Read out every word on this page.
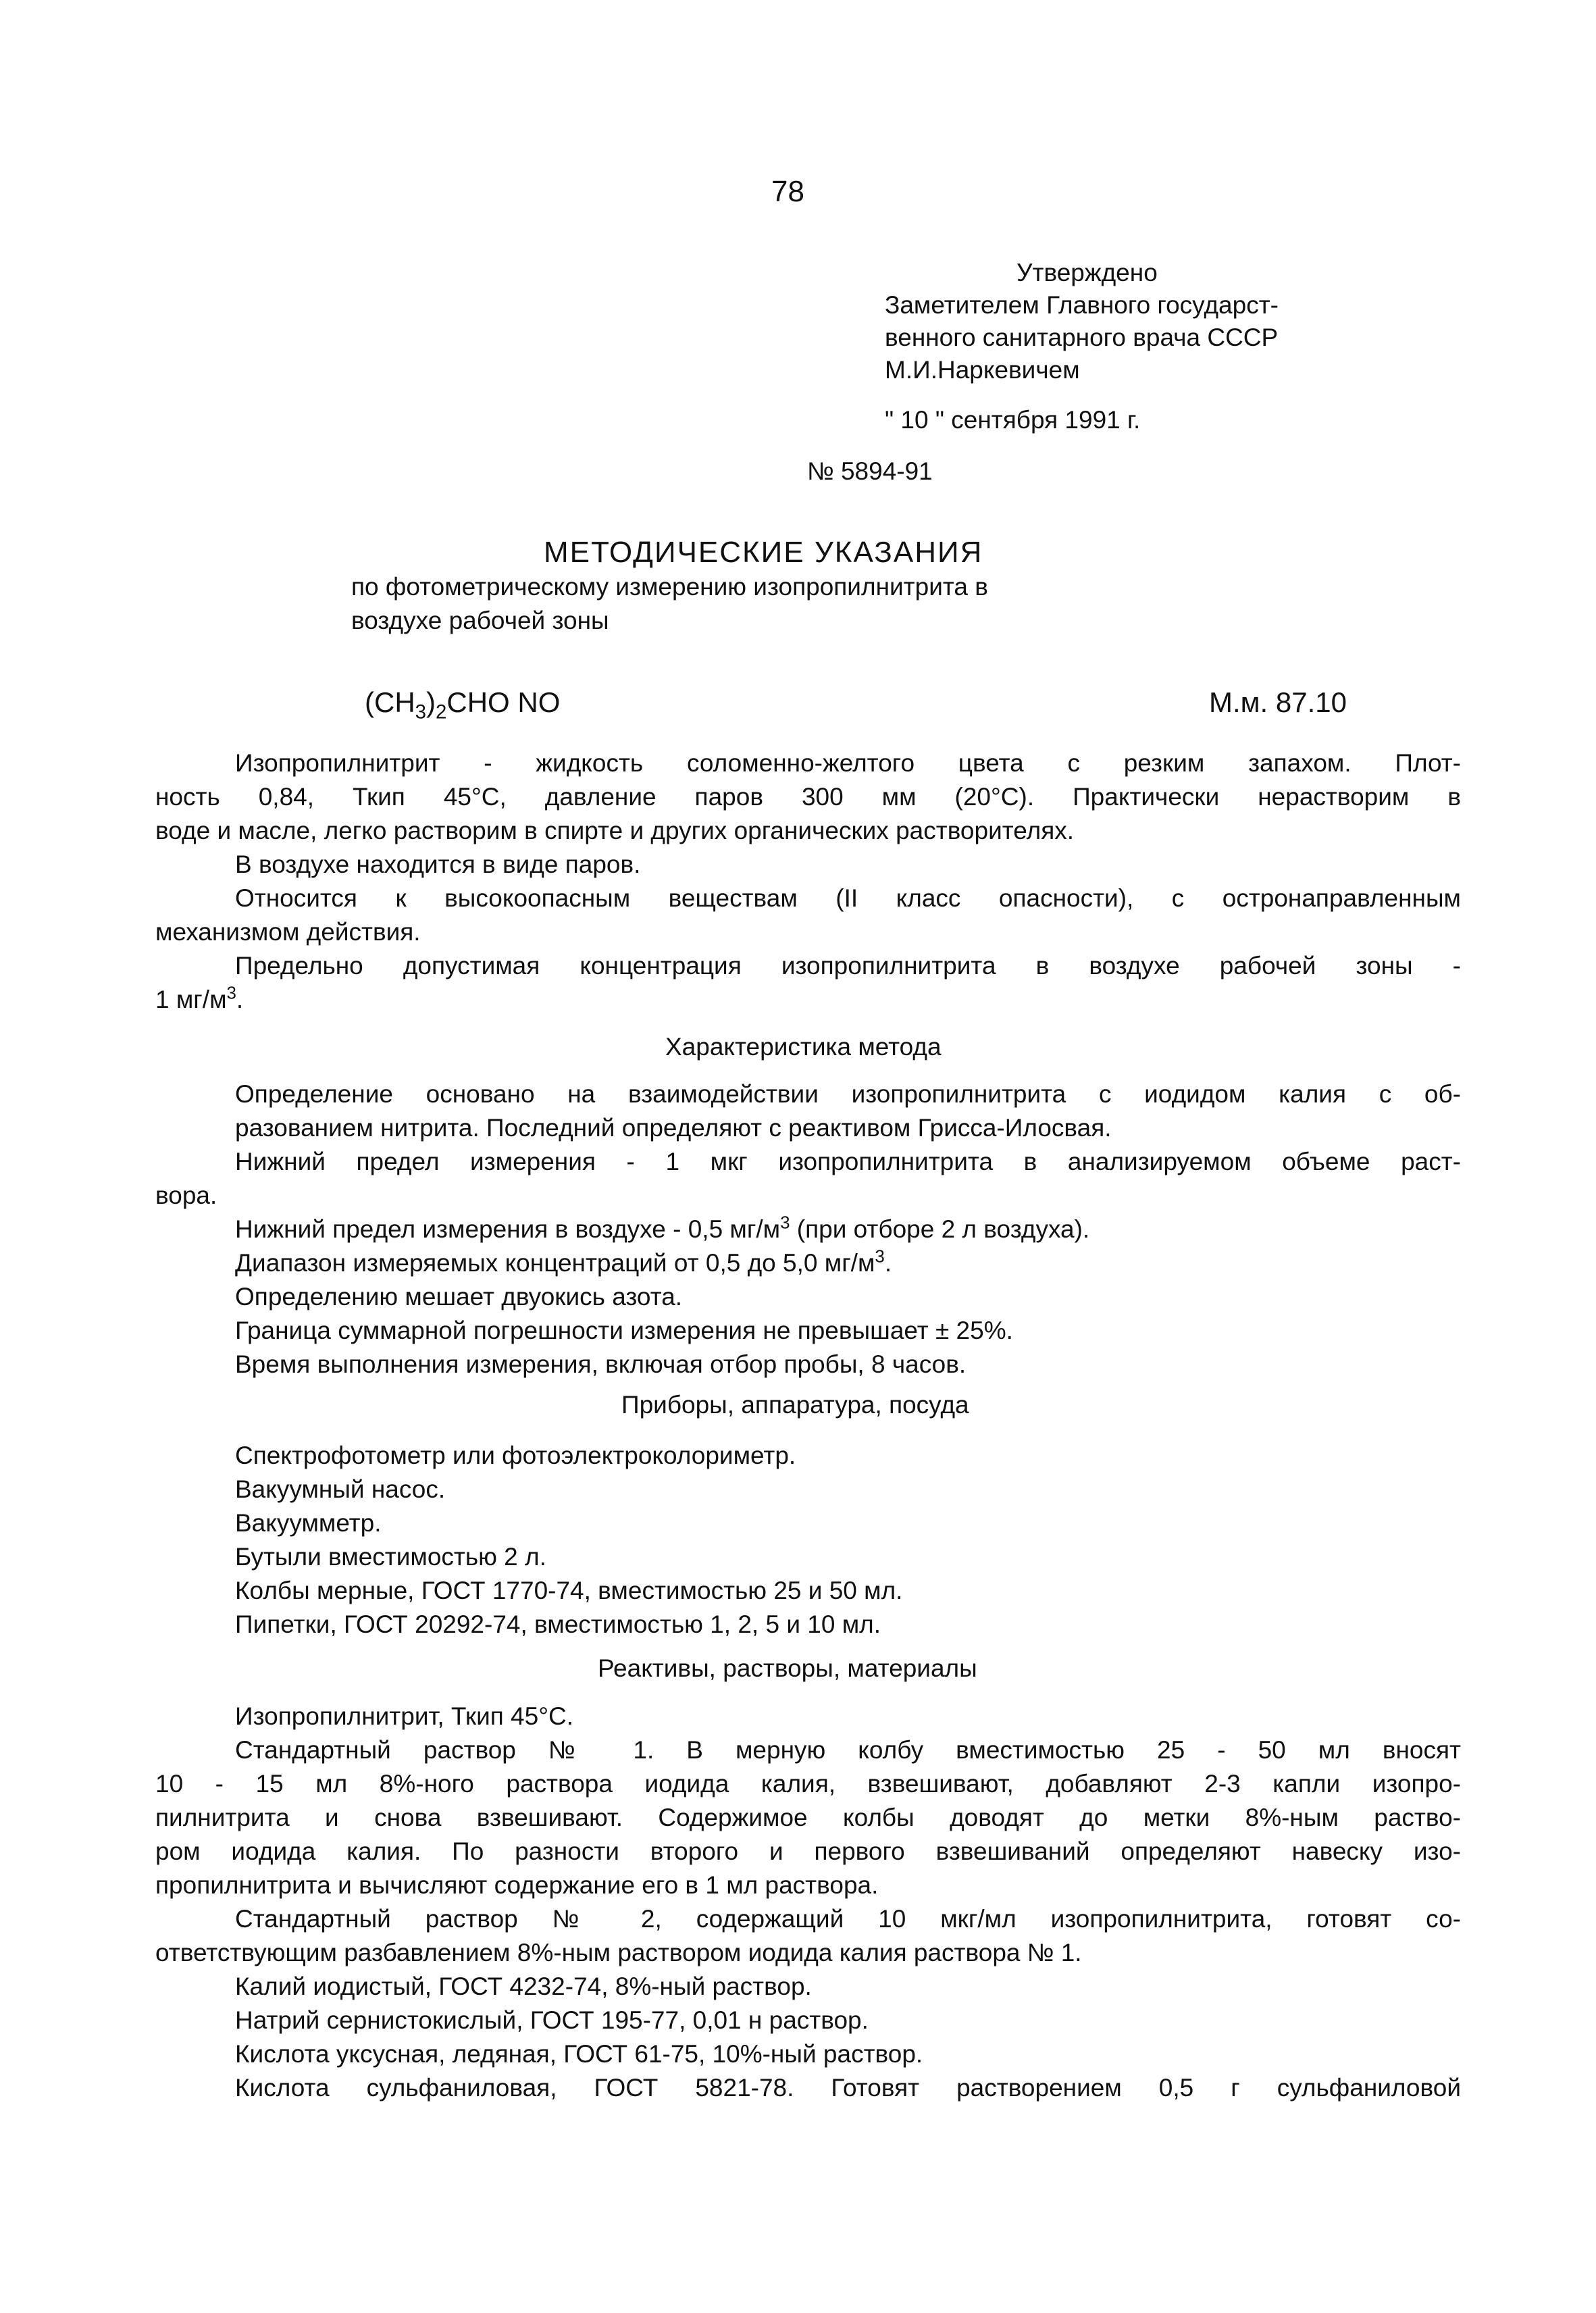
78
Утверждено
Заметителем Главного государст-
венного санитарного врача СССР
М.И.Наркевичем
" 10 " сентября 1991 г.
№ 5894-91
МЕТОДИЧЕСКИЕ УКАЗАНИЯ
по фотометрическому измерению изопропилнитрита в
воздухе рабочей зоны
$(CH_3)_2CHO$ NO	М.м. 87.10

Изопропилнитрит - жидкость соломенно-желтого цвета с резким запахом. Плот-

ность 0,84, Ткип 45°С, давление паров 300 мм (20°С). Практически нерастворим в

воде и масле, легко растворим в спирте и других органических растворителях.

В воздухе находится в виде паров.

Относится к высокоопасным веществам (II класс опасности), с остронаправленным

механизмом действия.

Предельно допустимая концентрация изопропилнитрита в воздухе рабочей зоны -

1 $мг/м^3$.

Характеристика метода

Определение основано на взаимодействии изопропилнитрита с иодидом калия с об-

разованием нитрита. Последний определяют с реактивом Грисса-Илосвая.

Нижний предел измерения - 1 мкг изопропилнитрита в анализируемом объеме раст-

вора.

Нижний предел измерения в воздухе - 0,5 $мг/м^3$ (при отборе 2 л воздуха).

Диапазон измеряемых концентраций от 0,5 до 5,0 $мг/м^3$.

Определению мешает двуокись азота.

Граница суммарной погрешности измерения не превышает ± 25%.

Время выполнения измерения, включая отбор пробы, 8 часов.

Приборы, аппаратура, посуда

Спектрофотометр или фотоэлектроколориметр.

Вакуумный насос.

Вакуумметр.

Бутыли вместимостью 2 л.

Колбы мерные, ГОСТ 1770-74, вместимостью 25 и 50 мл.

Пипетки, ГОСТ 20292-74, вместимостью 1, 2, 5 и 10 мл.

Реактивы, растворы, материалы

Изопропилнитрит, Ткип 45°С.

Стандартный раствор № 1. В мерную колбу вместимостью 25 - 50 мл вносят

10 - 15 мл 8%-ного раствора иодида калия, взвешивают, добавляют 2-3 капли изопро-

пилнитрита и снова взвешивают. Содержимое колбы доводят до метки 8%-ным раство-

ром иодида калия. По разности второго и первого взвешиваний определяют навеску изо-

пропилнитрита и вычисляют содержание его в 1 мл раствора.

Стандартный раствор № 2, содержащий 10 мкг/мл изопропилнитрита, готовят со-

ответствующим разбавлением 8%-ным раствором иодида калия раствора № 1.

Калий иодистый, ГОСТ 4232-74, 8%-ный раствор.

Натрий сернистокислый, ГОСТ 195-77, 0,01 н раствор.

Кислота уксусная, ледяная, ГОСТ 61-75, 10%-ный раствор.

Кислота сульфаниловая, ГОСТ 5821-78. Готовят растворением 0,5 г сульфаниловой
